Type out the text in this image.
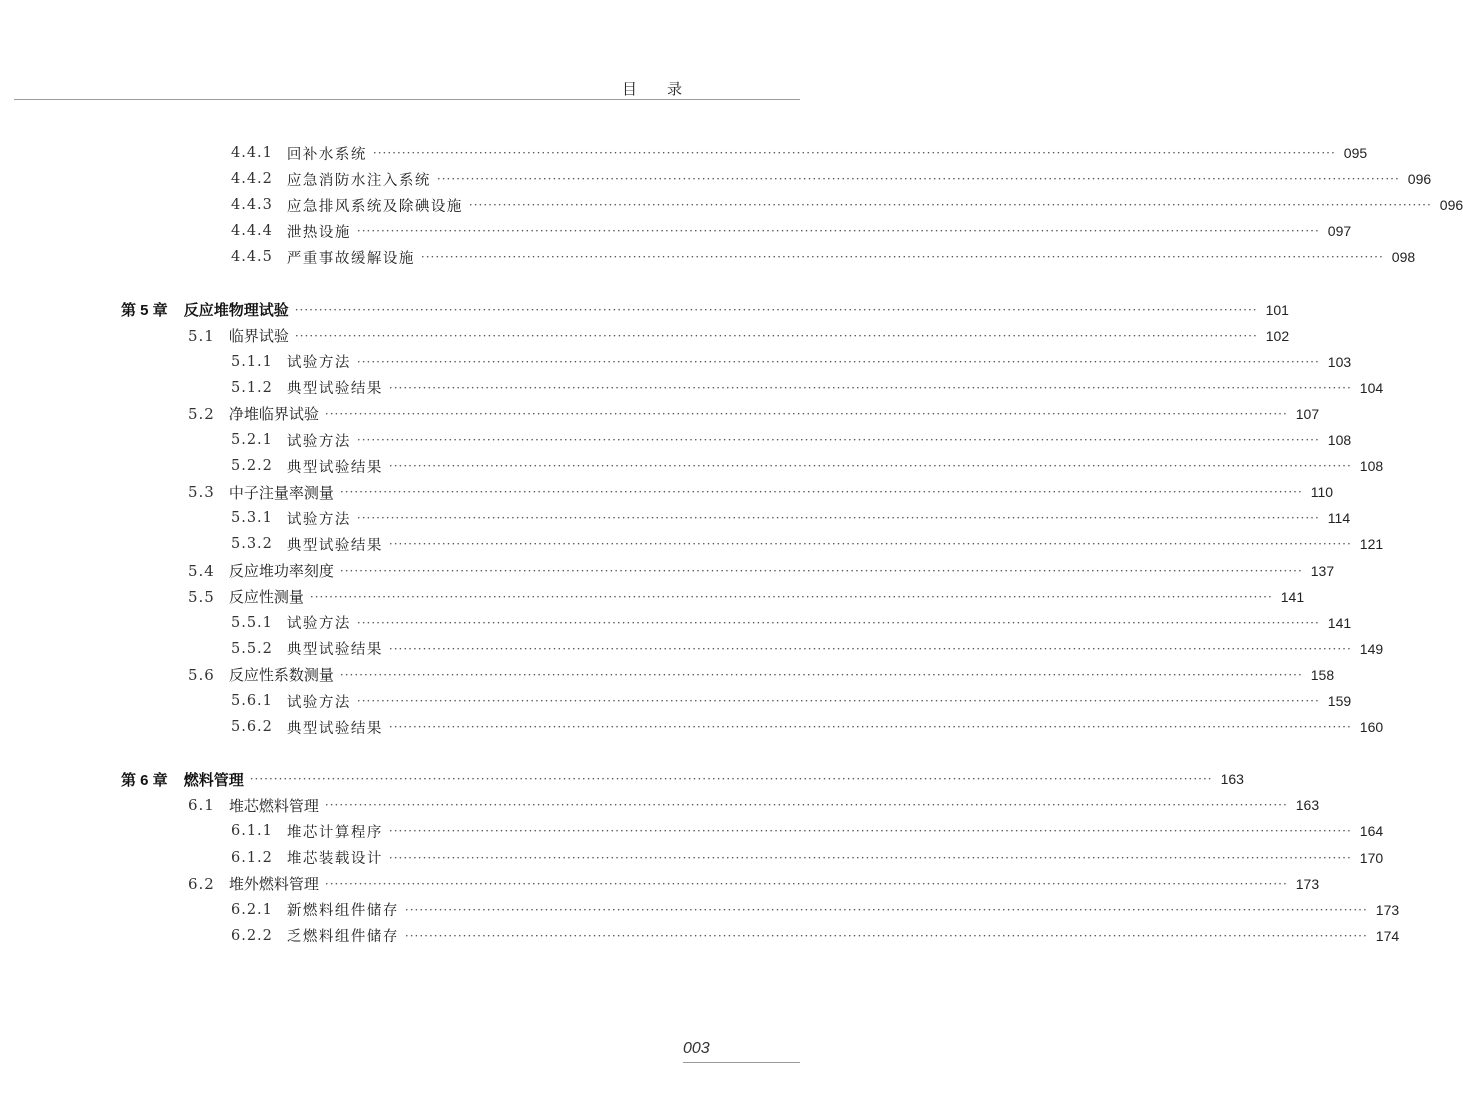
目　　录
4.4.1 回补水系统 ········································································································································································································ 095
4.4.2 应急消防水注入系统 ········································································································································································································ 096
4.4.3 应急排风系统及除碘设施 ········································································································································································································ 096
4.4.4 泄热设施 ········································································································································································································ 097
4.4.5 严重事故缓解设施 ········································································································································································································ 098
第 5 章 反应堆物理试验 ········································································································································································································ 101
5.1 临界试验 ········································································································································································································ 102
5.1.1 试验方法 ········································································································································································································ 103
5.1.2 典型试验结果 ········································································································································································································ 104
5.2 净堆临界试验 ········································································································································································································ 107
5.2.1 试验方法 ········································································································································································································ 108
5.2.2 典型试验结果 ········································································································································································································ 108
5.3 中子注量率测量 ········································································································································································································ 110
5.3.1 试验方法 ········································································································································································································ 114
5.3.2 典型试验结果 ········································································································································································································ 121
5.4 反应堆功率刻度 ········································································································································································································ 137
5.5 反应性测量 ········································································································································································································ 141
5.5.1 试验方法 ········································································································································································································ 141
5.5.2 典型试验结果 ········································································································································································································ 149
5.6 反应性系数测量 ········································································································································································································ 158
5.6.1 试验方法 ········································································································································································································ 159
5.6.2 典型试验结果 ········································································································································································································ 160
第 6 章 燃料管理 ········································································································································································································ 163
6.1 堆芯燃料管理 ········································································································································································································ 163
6.1.1 堆芯计算程序 ········································································································································································································ 164
6.1.2 堆芯装载设计 ········································································································································································································ 170
6.2 堆外燃料管理 ········································································································································································································ 173
6.2.1 新燃料组件储存 ········································································································································································································ 173
6.2.2 乏燃料组件储存 ········································································································································································································ 174
003
